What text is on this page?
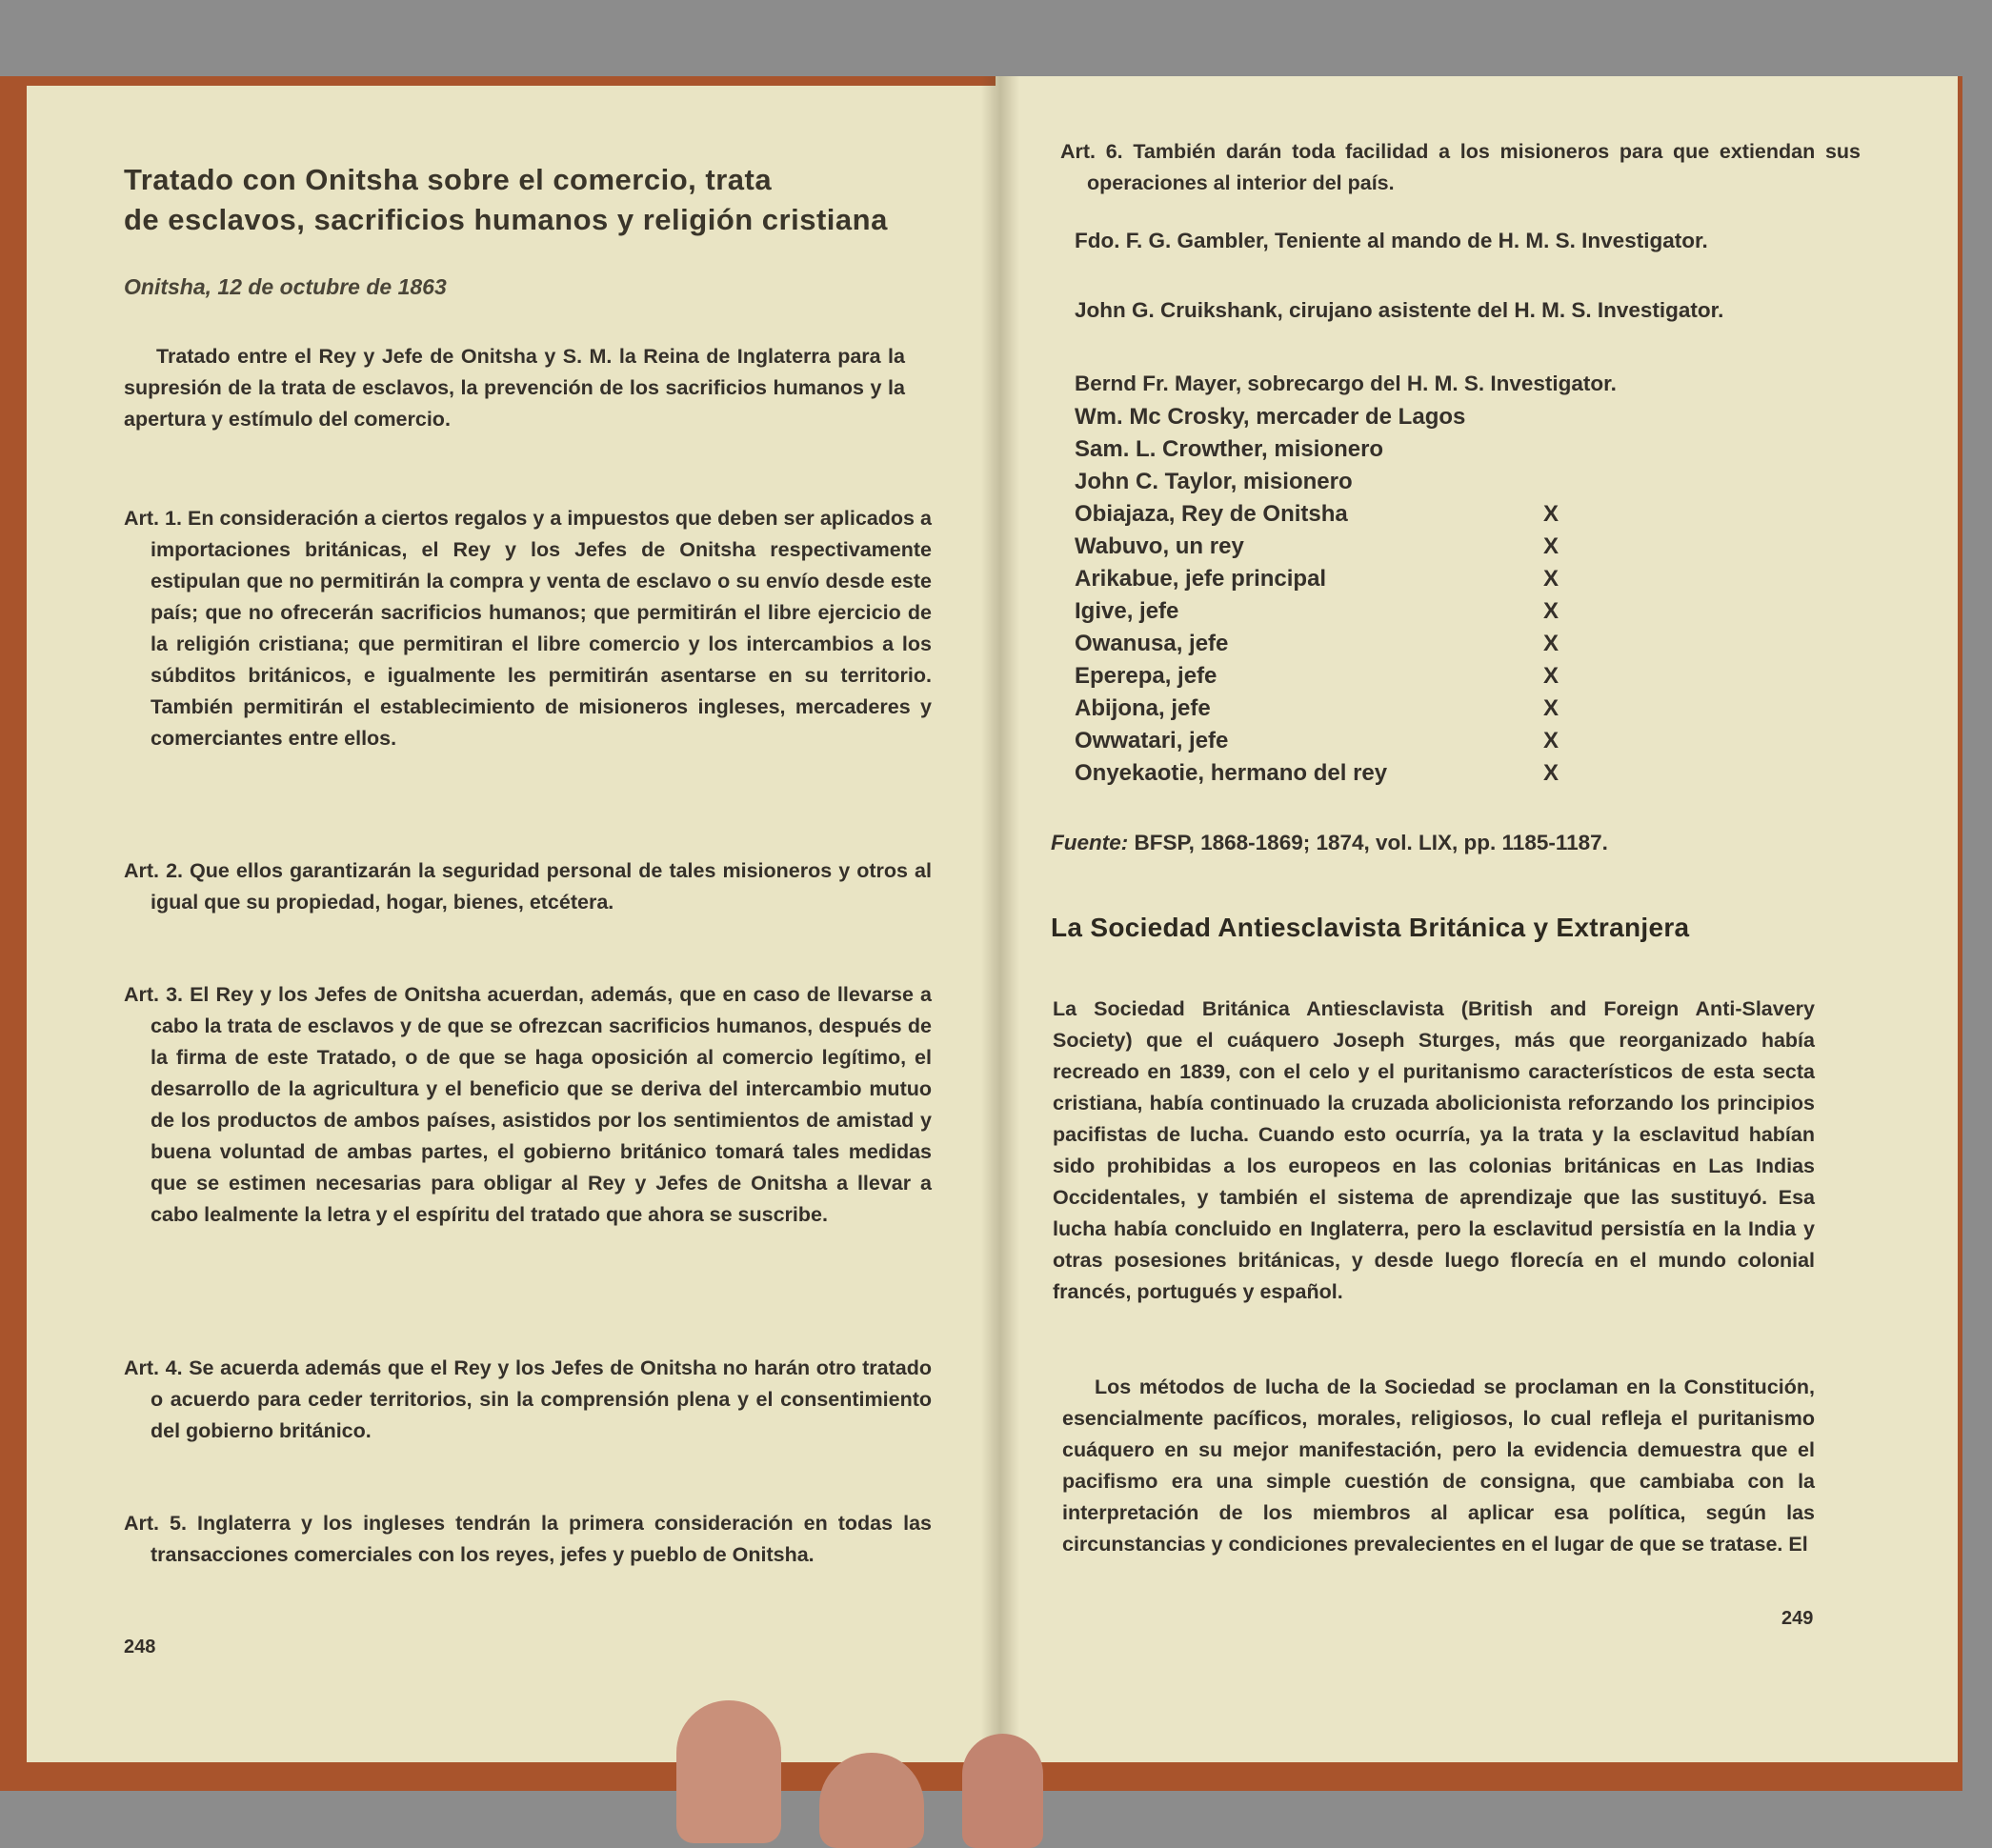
Tratado con Onitsha sobre el comercio, trata
de esclavos, sacrificios humanos y religión cristiana
Onitsha, 12 de octubre de 1863
Tratado entre el Rey y Jefe de Onitsha y S. M. la Reina de Inglaterra para la supresión de la trata de esclavos, la prevención de los sacrificios humanos y la apertura y estímulo del comercio.
Art. 1. En consideración a ciertos regalos y a impuestos que deben ser aplicados a importaciones británicas, el Rey y los Jefes de Onitsha respectivamente estipulan que no permitirán la compra y venta de esclavo o su envío desde este país; que no ofrecerán sacrificios humanos; que permitirán el libre ejercicio de la religión cristiana; que permitiran el libre comercio y los intercambios a los súbditos británicos, e igualmente les permitirán asentarse en su territorio. También permitirán el establecimiento de misioneros ingleses, mercaderes y comerciantes entre ellos.
Art. 2. Que ellos garantizarán la seguridad personal de tales misioneros y otros al igual que su propiedad, hogar, bienes, etcétera.
Art. 3. El Rey y los Jefes de Onitsha acuerdan, además, que en caso de llevarse a cabo la trata de esclavos y de que se ofrezcan sacrificios humanos, después de la firma de este Tratado, o de que se haga oposición al comercio legítimo, el desarrollo de la agricultura y el beneficio que se deriva del intercambio mutuo de los productos de ambos países, asistidos por los sentimientos de amistad y buena voluntad de ambas partes, el gobierno británico tomará tales medidas que se estimen necesarias para obligar al Rey y Jefes de Onitsha a llevar a cabo lealmente la letra y el espíritu del tratado que ahora se suscribe.
Art. 4. Se acuerda además que el Rey y los Jefes de Onitsha no harán otro tratado o acuerdo para ceder territorios, sin la comprensión plena y el consentimiento del gobierno británico.
Art. 5. Inglaterra y los ingleses tendrán la primera consideración en todas las transacciones comerciales con los reyes, jefes y pueblo de Onitsha.
248
Art. 6. También darán toda facilidad a los misioneros para que extiendan sus operaciones al interior del país.
Fdo. F. G. Gambler, Teniente al mando de H. M. S. Investigator.
John G. Cruikshank, cirujano asistente del H. M. S. Investigator.
Bernd Fr. Mayer, sobrecargo del H. M. S. Investigator.
Wm. Mc Crosky, mercader de Lagos
Sam. L. Crowther, misionero
John C. Taylor, misionero
Obiajaza, Rey de Onitsha	X
Wabuvo, un rey	X
Arikabue, jefe principal	X
Igive, jefe	X
Owanusa, jefe	X
Eperepa, jefe	X
Abijona, jefe	X
Owwatari, jefe	X
Onyekaotie, hermano del rey	X
Fuente: BFSP, 1868-1869; 1874, vol. LIX, pp. 1185-1187.
La Sociedad Antiesclavista Británica y Extranjera
La Sociedad Británica Antiesclavista (British and Foreign Anti-Slavery Society) que el cuáquero Joseph Sturges, más que reorganizado había recreado en 1839, con el celo y el puritanismo característicos de esta secta cristiana, había continuado la cruzada abolicionista reforzando los principios pacifistas de lucha. Cuando esto ocurría, ya la trata y la esclavitud habían sido prohibidas a los europeos en las colonias británicas en Las Indias Occidentales, y también el sistema de aprendizaje que las sustituyó. Esa lucha había concluido en Inglaterra, pero la esclavitud persistía en la India y otras posesiones británicas, y desde luego florecía en el mundo colonial francés, portugués y español.
Los métodos de lucha de la Sociedad se proclaman en la Constitución, esencialmente pacíficos, morales, religiosos, lo cual refleja el puritanismo cuáquero en su mejor manifestación, pero la evidencia demuestra que el pacifismo era una simple cuestión de consigna, que cambiaba con la interpretación de los miembros al aplicar esa política, según las circunstancias y condiciones prevalecientes en el lugar de que se tratase. El
249
